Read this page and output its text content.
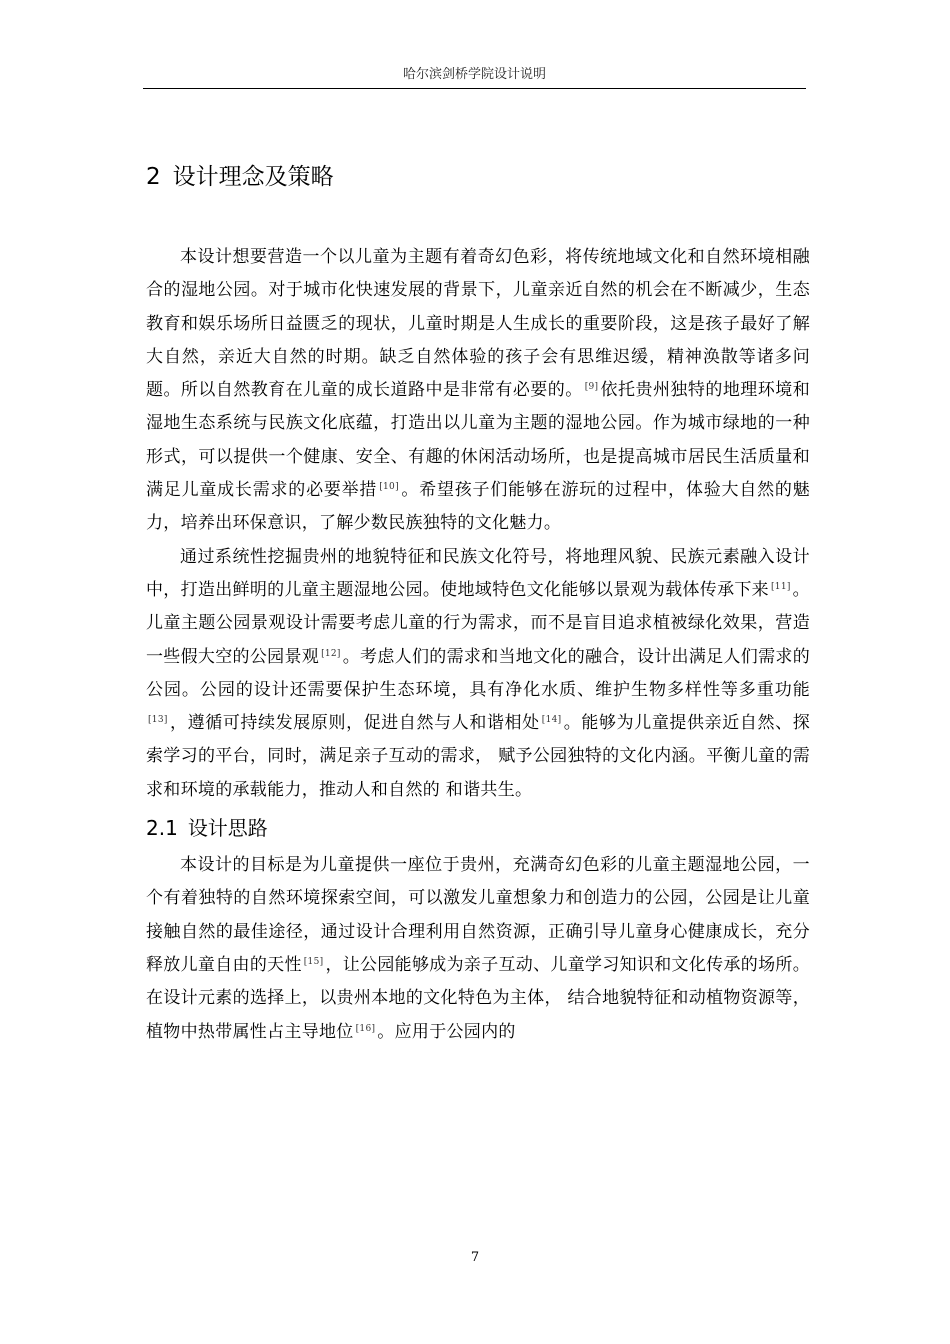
哈尔滨剑桥学院设计说明
2 设计理念及策略

本设计想要营造一个以儿童为主题有着奇幻色彩，将传统地域文化和自然环境相融合的湿地公园。对于城市化快速发展的背景下，儿童亲近自然的机会在不断减少，生态教育和娱乐场所日益匮乏的现状，儿童时期是人生成长的重要阶段，这是孩子最好了解大自然，亲近大自然的时期。缺乏自然体验的孩子会有思维迟缓，精神涣散等诸多问题。所以自然教育在儿童的成长道路中是非常有必要的。 [9] 依托贵州独特的地理环境和湿地生态系统与民族文化底蕴，打造出以儿童为主题的湿地公园。作为城市绿地的一种形式，可以提供一个健康、安全、有趣的休闲活动场所，也是提高城市居民生活质量和满足儿童成长需求的必要举措 [10] 。希望孩子们能够在游玩的过程中，体验大自然的魅力，培养出环保意识，了解少数民族独特的文化魅力。

通过系统性挖掘贵州的地貌特征和民族文化符号，将地理风貌、民族元素融入设计中，打造出鲜明的儿童主题湿地公园。使地域特色文化能够以景观为载体传承下来 [11] 。儿童主题公园景观设计需要考虑儿童的行为需求，而不是盲目追求植被绿化效果，营造一些假大空的公园景观 [12] 。考虑人们的需求和当地文化的融合，设计出满足人们需求的公园。公园的设计还需要保护生态环境，具有净化水质、维护生物多样性等多重功能[13] ，遵循可持续发展原则，促进自然与人和谐相处 [14] 。能够为儿童提供亲近自然、探索学习的平台，同时，满足亲子互动的需求， 赋予公园独特的文化内涵。平衡儿童的需求和环境的承载能力，推动人和自然的 和谐共生。

2.1 设计思路

本设计的目标是为儿童提供一座位于贵州，充满奇幻色彩的儿童主题湿地公园，一个有着独特的自然环境探索空间，可以激发儿童想象力和创造力的公园，公园是让儿童接触自然的最佳途径，通过设计合理利用自然资源，正确引导儿童身心健康成长，充分释放儿童自由的天性 [15] ，让公园能够成为亲子互动、儿童学习知识和文化传承的场所。在设计元素的选择上，以贵州本地的文化特色为主体， 结合地貌特征和动植物资源等，植物中热带属性占主导地位 [16] 。应用于公园内的

7
